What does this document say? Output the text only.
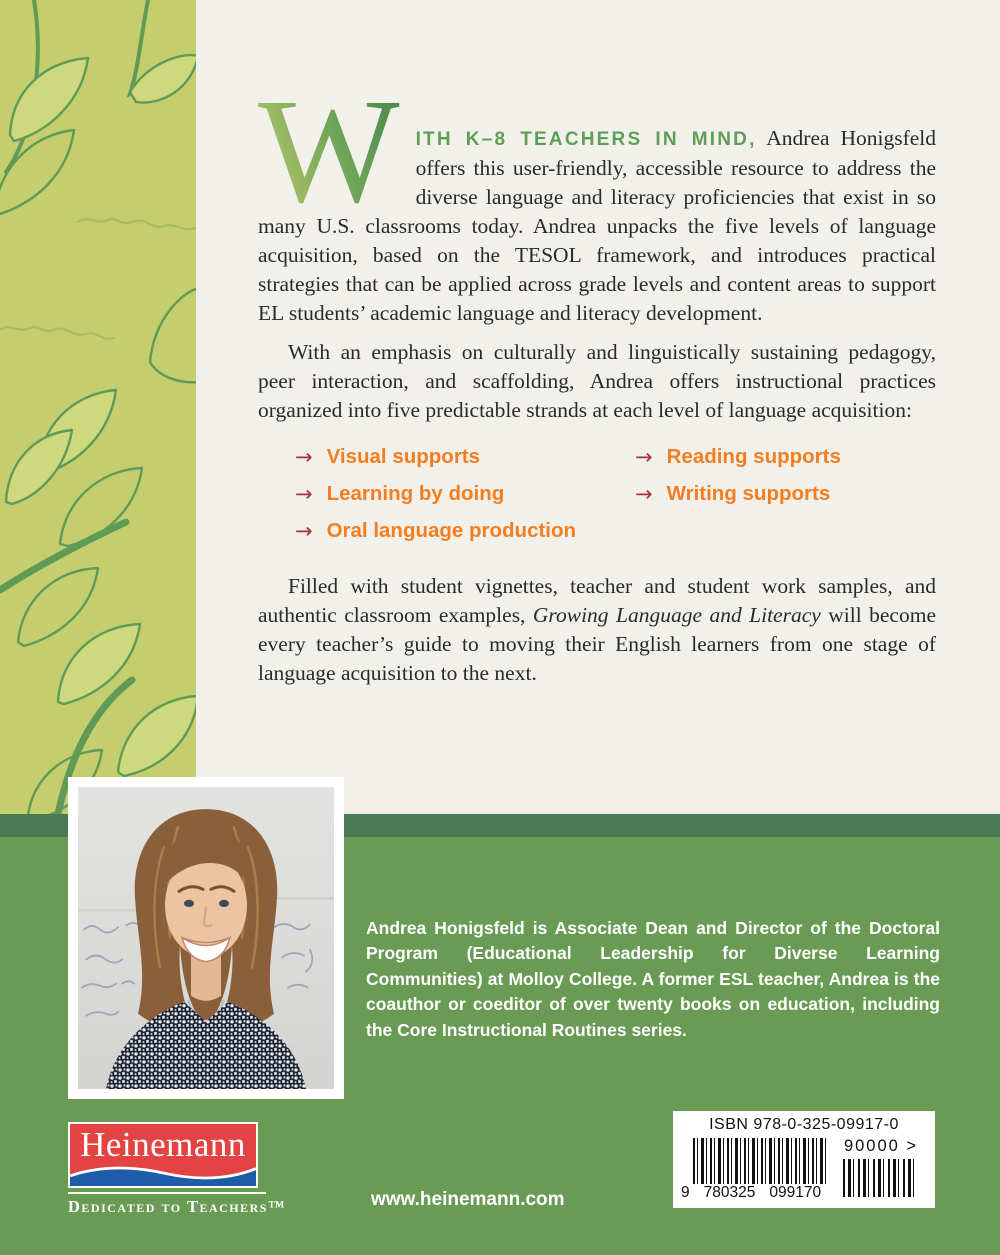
W ITH K–8 TEACHERS IN MIND, Andrea Honigsfeld offers this user-friendly, accessible resource to address the diverse language and literacy proficiencies that exist in so many U.S. classrooms today. Andrea unpacks the five levels of language acquisition, based on the TESOL framework, and introduces practical strategies that can be applied across grade levels and content areas to support EL students’ academic language and literacy development.

With an emphasis on culturally and linguistically sustaining pedagogy, peer interaction, and scaffolding, Andrea offers instructional practices organized into five predictable strands at each level of language acquisition:

→ Visual supports	→ Reading supports
→ Learning by doing	→ Writing supports
→ Oral language production

Filled with student vignettes, teacher and student work samples, and authentic classroom examples, Growing Language and Literacy will become every teacher’s guide to moving their English learners from one stage of language acquisition to the next.

Andrea Honigsfeld is Associate Dean and Director of the Doctoral Program (Educational Leadership for Diverse Learning Communities) at Molloy College. A former ESL teacher, Andrea is the coauthor or coeditor of over twenty books on education, including the Core Instructional Routines series.

Heinemann
Dedicated to Teachers™	www.heinemann.com
ISBN 978-0-325-09917-0
90000 >
9 780325 099170
